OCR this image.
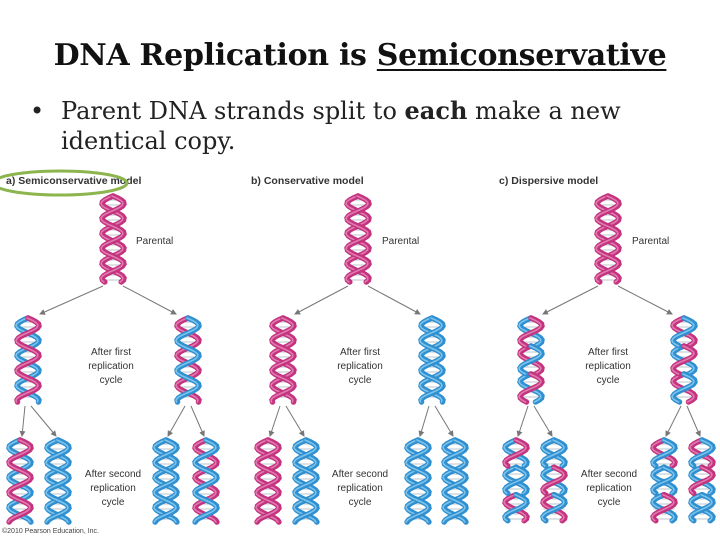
DNA Replication is Semiconservative
• Parent DNA strands split to each make a new identical copy.
a) Semiconservative model
Parental
After first
replication
cycle
After second
replication
cycle
b) Conservative model
Parental
After first
replication
cycle
After second
replication
cycle
c) Dispersive model
Parental
After first
replication
cycle
After second
replication
cycle
©2010 Pearson Education, Inc.
